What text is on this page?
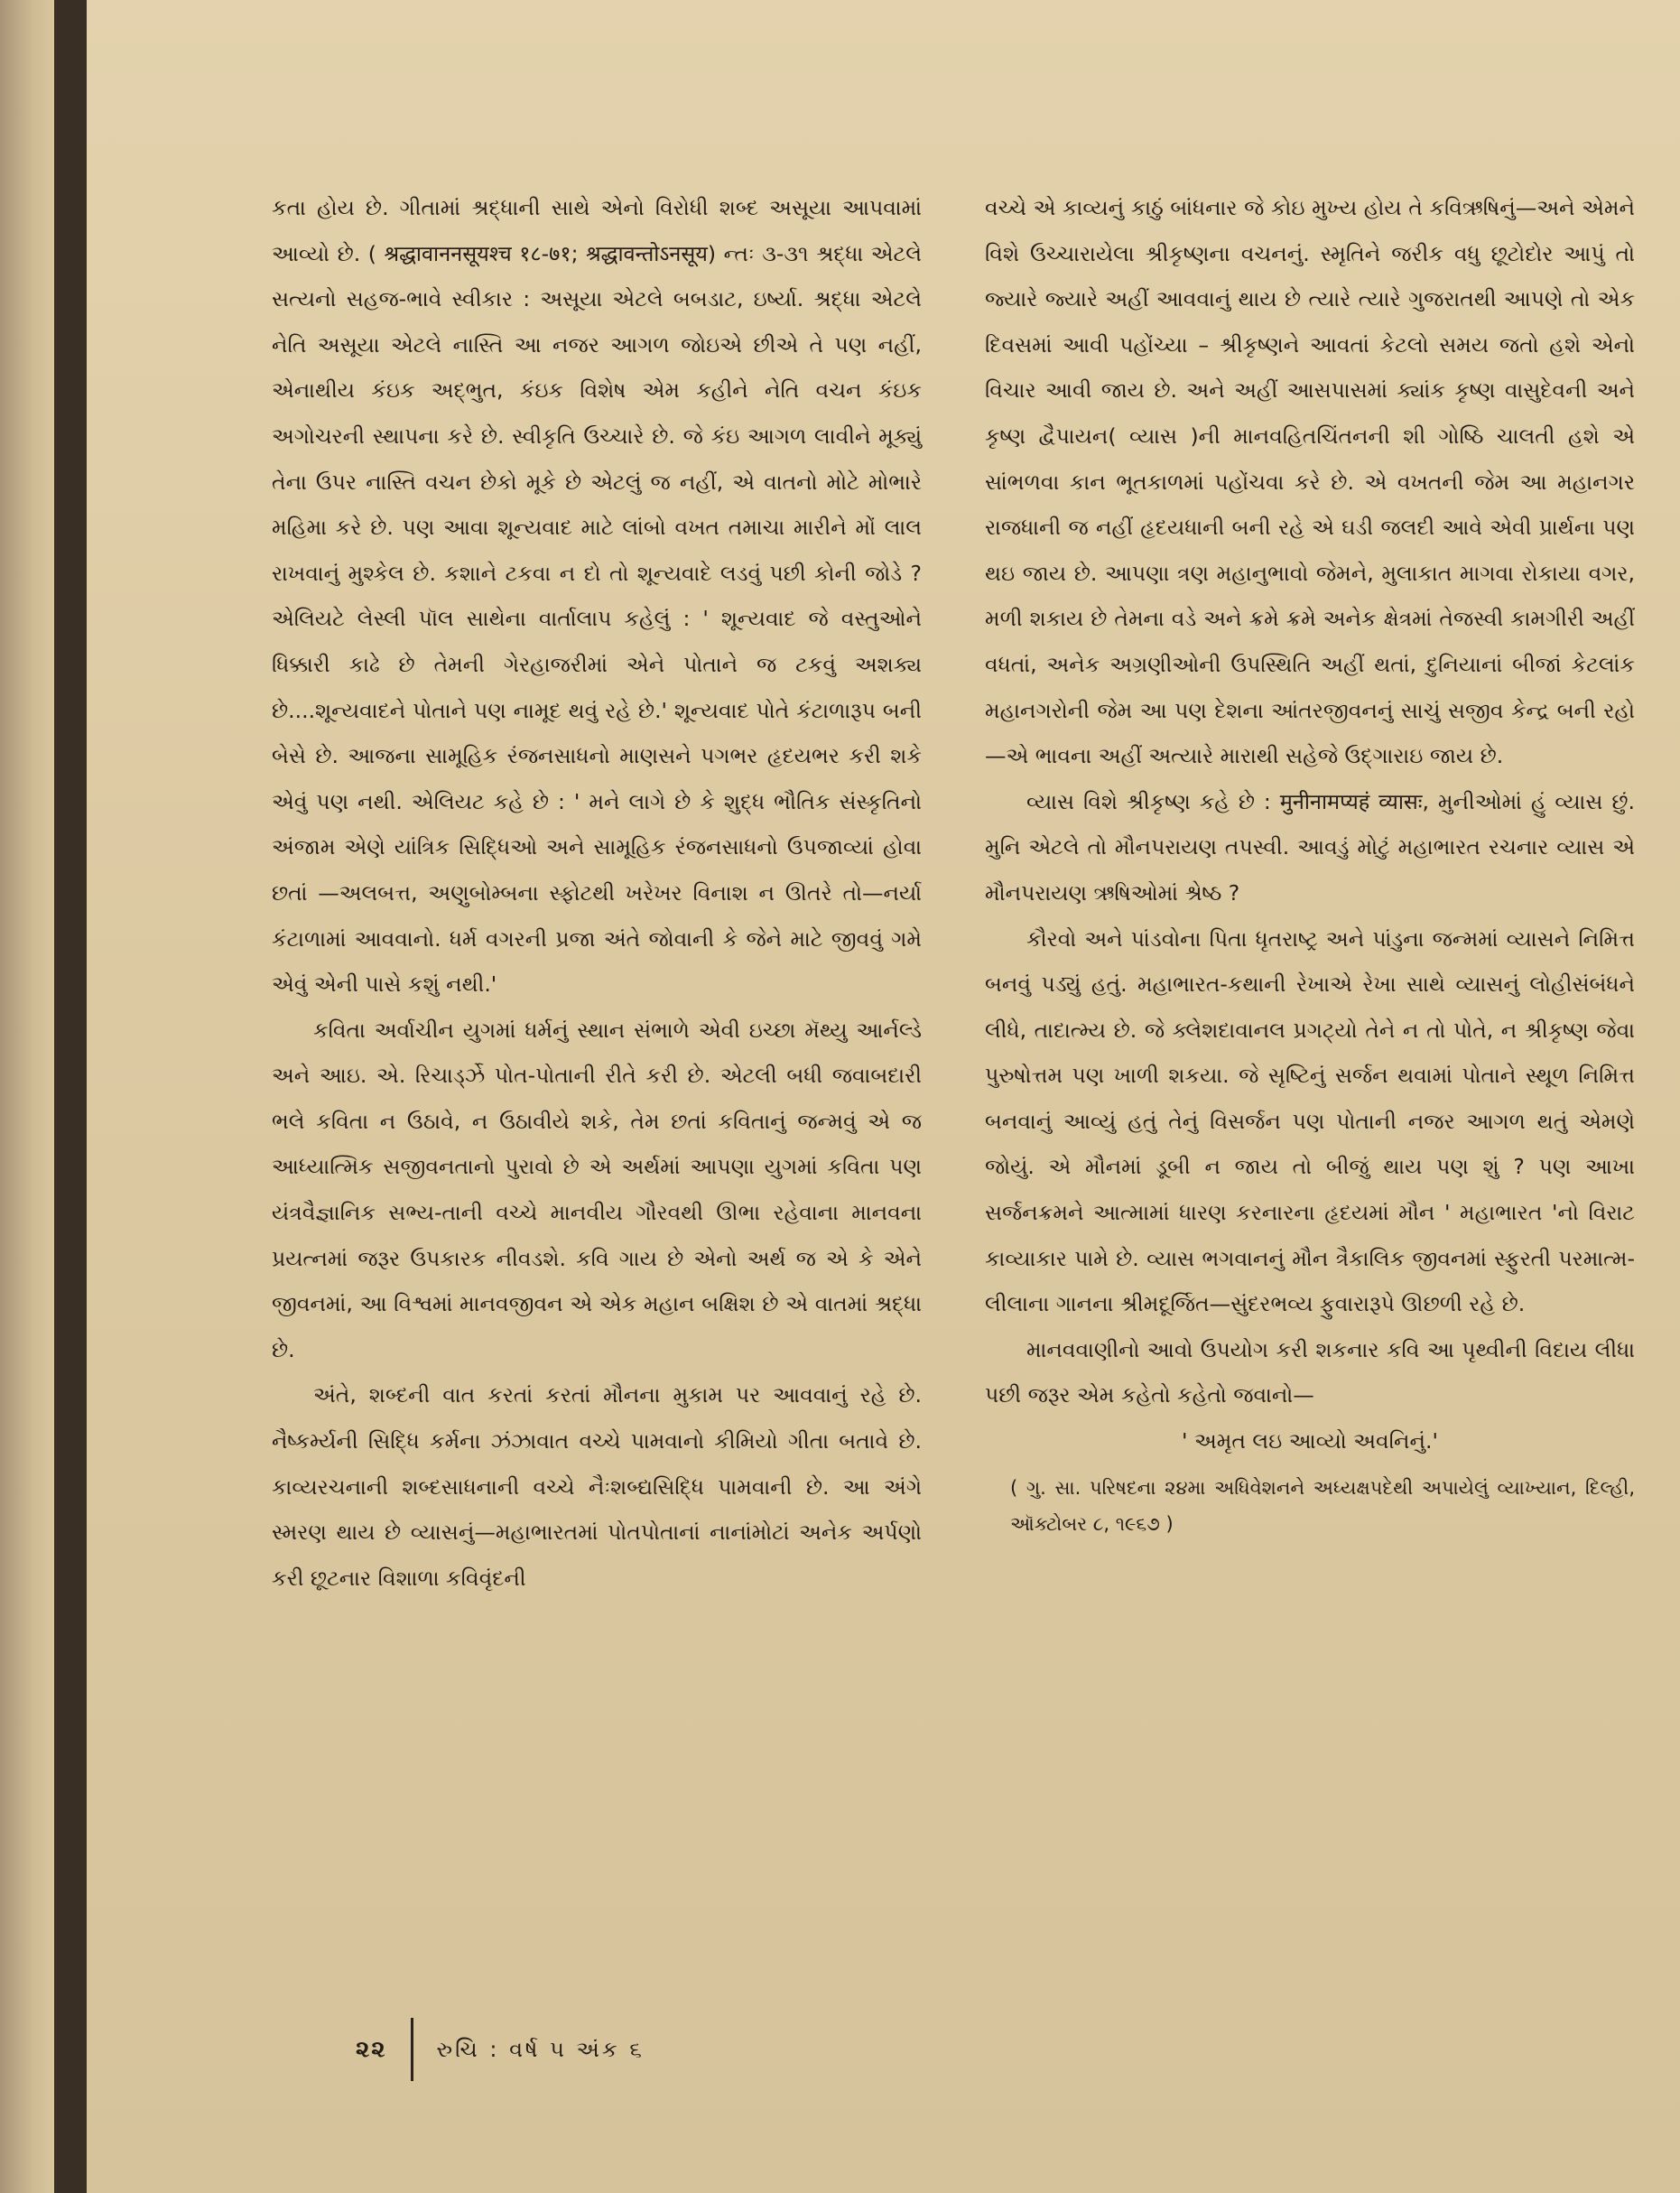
કતા હોય છે. ગીતામાં શ્રદ્ધાની સાથે એનો વિરોધી શબ્દ અસૂયા આપવામાં આવ્યો છે. ( श्रद्धावाननसूयश्च १८-७१; श्रद्धावन्तोऽनसूय) ન્તઃ ૩-૩૧ શ્રદ્ધા એટલે સત્યનો સહજ-ભાવે સ્વીકાર : અસૂયા એટલે બબડાટ, ઇર્ષ્યા. શ્રદ્ધા એટલે નેતિ અસૂયા એટલે નાસ્તિ આ નજર આગળ જોઇએ છીએ તે પણ નહીં, એનાથીય કંઇક અદ્ભુત, કંઇક વિશેષ એમ કહીને નેતિ વચન કંઇક અગોચરની સ્થાપના કરે છે. સ્વીકૃતિ ઉચ્ચારે છે. જે કંઇ આગળ લાવીને મૂક્યું તેના ઉપર નાસ્તિ વચન છેકો મૂકે છે એટલું જ નહીં, એ વાતનો મોટે મોભારે મહિમા કરે છે. પણ આવા શૂન્યવાદ માટે લાંબો વખત તમાચા મારીને મોં લાલ રાખવાનું મુશ્કેલ છે. કશાને ટકવા ન દો તો શૂન્યવાદે લડવું પછી કોની જોડે ? એલિયટે લેસ્લી પૉલ સાથેના વાર્તાલાપ કહેલું : ' શૂન્યવાદ જે વસ્તુઓને ધિક્કારી કાઢે છે તેમની ગેરહાજરીમાં એને પોતાને જ ટકવું અશક્ય છે....શૂન્યવાદને પોતાને પણ નામૂદ થવું રહે છે.' શૂન્યવાદ પોતે કંટાળારૂપ બની બેસે છે. આજના સામૂહિક રંજનસાધનો માણસને પગભર હૃદયભર કરી શકે એવું પણ નથી. એલિયટ કહે છે : ' મને લાગે છે કે શુદ્ધ ભૌતિક સંસ્કૃતિનો અંજામ એણે યાંત્રિક સિદ્ધિઓ અને સામૂહિક રંજનસાધનો ઉપજાવ્યાં હોવા છતાં —અલબત્ત, અણુબોમ્બના સ્ફોટથી ખરેખર વિનાશ ન ઊતરે તો—નર્યા કંટાળામાં આવવાનો. ધર્મ વગરની પ્રજા અંતે જોવાની કે જેને માટે જીવવું ગમે એવું એની પાસે કશું નથી.'

કવિતા અર્વાચીન યુગમાં ધર્મનું સ્થાન સંભાળે એવી ઇચ્છા મૅથ્યુ આર્નલ્ડે અને આઇ. એ. રિચાર્ડ્ઝે પોત-પોતાની રીતે કરી છે. એટલી બધી જવાબદારી ભલે કવિતા ન ઉઠાવે, ન ઉઠાવીયે શકે, તેમ છતાં કવિતાનું જન્મવું એ જ આધ્યાત્મિક સજીવનતાનો પુરાવો છે એ અર્થમાં આપણા યુગમાં કવિતા પણ યંત્રવૈજ્ઞાનિક સભ્ય-તાની વચ્ચે માનવીય ગૌરવથી ઊભા રહેવાના માનવના પ્રયત્નમાં જરૂર ઉપકારક નીવડશે. કવિ ગાય છે એનો અર્થ જ એ કે એને જીવનમાં, આ વિશ્વમાં માનવજીવન એ એક મહાન બક્ષિશ છે એ વાતમાં શ્રદ્ધા છે.

અંતે, શબ્દની વાત કરતાં કરતાં મૌનના મુકામ પર આવવાનું રહે છે. નૈષ્કર્મ્યની સિદ્ધિ કર્મના ઝંઝાવાત વચ્ચે પામવાનો કીમિયો ગીતા બતાવે છે. કાવ્યરચનાની શબ્દસાધનાની વચ્ચે નૈઃશબ્દ્યસિદ્ધિ પામવાની છે. આ અંગે સ્મરણ થાય છે વ્યાસનું—મહાભારતમાં પોતપોતાનાં નાનાંમોટાં અનેક અર્પણો કરી છૂટનાર વિશાળા કવિવૃંદની

વચ્ચે એ કાવ્યનું કાઠું બાંધનાર જે કોઇ મુખ્ય હોય તે કવિઋષિનું—અને એમને વિશે ઉચ્ચારાયેલા શ્રીકૃષ્ણના વચનનું. સ્મૃતિને જરીક વધુ છૂટોદોર આપું તો જ્યારે જ્યારે અહીં આવવાનું થાય છે ત્યારે ત્યારે ગુજરાતથી આપણે તો એક દિવસમાં આવી પહોંચ્યા – શ્રીકૃષ્ણને આવતાં કેટલો સમય જતો હશે એનો વિચાર આવી જાય છે. અને અહીં આસપાસમાં ક્યાંક કૃષ્ણ વાસુદેવની અને કૃષ્ણ દ્વૈપાયન( વ્યાસ )ની માનવહિતચિંતનની શી ગોષ્ઠિ ચાલતી હશે એ સાંભળવા કાન ભૂતકાળમાં પહોંચવા કરે છે. એ વખતની જેમ આ મહાનગર રાજધાની જ નહીં હૃદયધાની બની રહે એ ઘડી જલદી આવે એવી પ્રાર્થના પણ થઇ જાય છે. આપણા ત્રણ મહાનુભાવો જેમને, મુલાકાત માગવા રોકાયા વગર, મળી શકાય છે તેમના વડે અને ક્રમે ક્રમે અનેક ક્ષેત્રમાં તેજસ્વી કામગીરી અહીં વધતાં, અનેક અગ્રણીઓની ઉપસ્થિતિ અહીં થતાં, દુનિયાનાં બીજાં કેટલાંક મહાનગરોની જેમ આ પણ દેશના આંતરજીવનનું સાચું સજીવ કેન્દ્ર બની રહો—એ ભાવના અહીં અત્યારે મારાથી સહેજે ઉદ્ગારાઇ જાય છે.

વ્યાસ વિશે શ્રીકૃષ્ણ કહે છે : मुनीनामप्यहं व्यासः, મુનીઓમાં હું વ્યાસ છું. મુનિ એટલે તો મૌનપરાયણ તપસ્વી. આવડું મોટું મહાભારત રચનાર વ્યાસ એ મૌનપરાયણ ઋષિઓમાં શ્રેષ્ઠ ?

કૌરવો અને પાંડવોના પિતા ધૃતરાષ્ટ્ર અને પાંડુના જન્મમાં વ્યાસને નિમિત્ત બનવું પડ્યું હતું. મહાભારત-કથાની રેખાએ રેખા સાથે વ્યાસનું લોહીસંબંધને લીધે, તાદાત્મ્ય છે. જે ક્લેશદાવાનલ પ્રગટ્યો તેને ન તો પોતે, ન શ્રીકૃષ્ણ જેવા પુરુષોત્તમ પણ ખાળી શકયા. જે સૃષ્ટિનું સર્જન થવામાં પોતાને સ્થૂળ નિમિત્ત બનવાનું આવ્યું હતું તેનું વિસર્જન પણ પોતાની નજર આગળ થતું એમણે જોયું. એ મૌનમાં ડૂબી ન જાય તો બીજું થાય પણ શું ? પણ આખા સર્જનક્રમને આત્મામાં ધારણ કરનારના હૃદયમાં મૌન ' મહાભારત 'નો વિરાટ કાવ્યાકાર પામે છે. વ્યાસ ભગવાનનું મૌન ત્રૈકાલિક જીવનમાં સ્ફુરતી પરમાત્મ-લીલાના ગાનના શ્રીમદૂર્જિત—સુંદરભવ્ય ફુવારારૂપે ઊછળી રહે છે.

માનવવાણીનો આવો ઉપયોગ કરી શકનાર કવિ આ પૃથ્વીની વિદાય લીધા પછી જરૂર એમ કહેતો કહેતો જવાનો—

' અમૃત લઇ આવ્યો અવનિનું.'

( ગુ. સા. પરિષદના ૨૪મા અધિવેશનને અધ્યક્ષપદેથી અપાયેલું વ્યાખ્યાન, દિલ્હી, ઑક્ટોબર ૮, ૧૯૬૭ )

૨૨ રુચિ : વર્ષ ૫ અંક ૬
